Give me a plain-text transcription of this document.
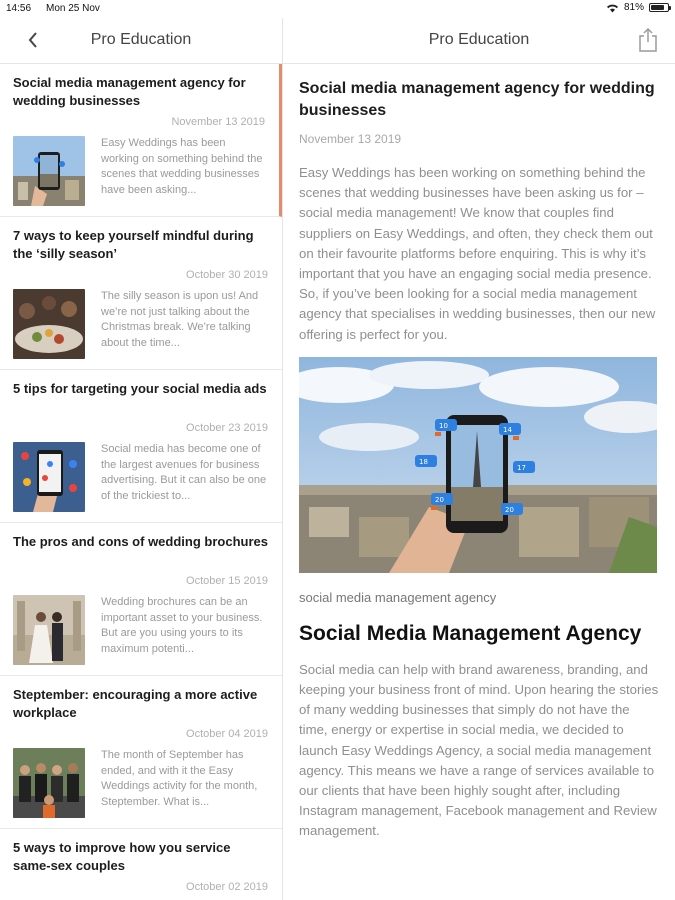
14:56 Mon 25 Nov	81%
Pro Education	Pro Education
Social media management agency for wedding businesses
November 13 2019
Easy Weddings has been working on something behind the scenes that wedding businesses have been asking...
7 ways to keep yourself mindful during the ‘silly season’
October 30 2019
The silly season is upon us! And we’re not just talking about the Christmas break. We’re talking about the time...
5 tips for targeting your social media ads
October 23 2019
Social media has become one of the largest avenues for business advertising. But it can also be one of the trickiest to...
The pros and cons of wedding brochures
October 15 2019
Wedding brochures can be an important asset to your business. But are you using yours to its maximum potenti...
Steptember: encouraging a more active workplace
October 04 2019
The month of September has ended, and with it the Easy Weddings activity for the month, Steptember. What is...
5 ways to improve how you service same-sex couples
October 02 2019
Social media management agency for wedding businesses
November 13 2019
Easy Weddings has been working on something behind the scenes that wedding businesses have been asking us for – social media management! We know that couples find suppliers on Easy Weddings, and often, they check them out on their favourite platforms before enquiring. This is why it’s important that you have an engaging social media presence. So, if you’ve been looking for a social media management agency that specialises in wedding businesses, then our new offering is perfect for you.
10	14
18
17
20
20
social media management agency
Social Media Management Agency
Social media can help with brand awareness, branding, and keeping your business front of mind. Upon hearing the stories of many wedding businesses that simply do not have the time, energy or expertise in social media, we decided to launch Easy Weddings Agency, a social media management agency. This means we have a range of services available to our clients that have been highly sought after, including Instagram management, Facebook management and Review management.
